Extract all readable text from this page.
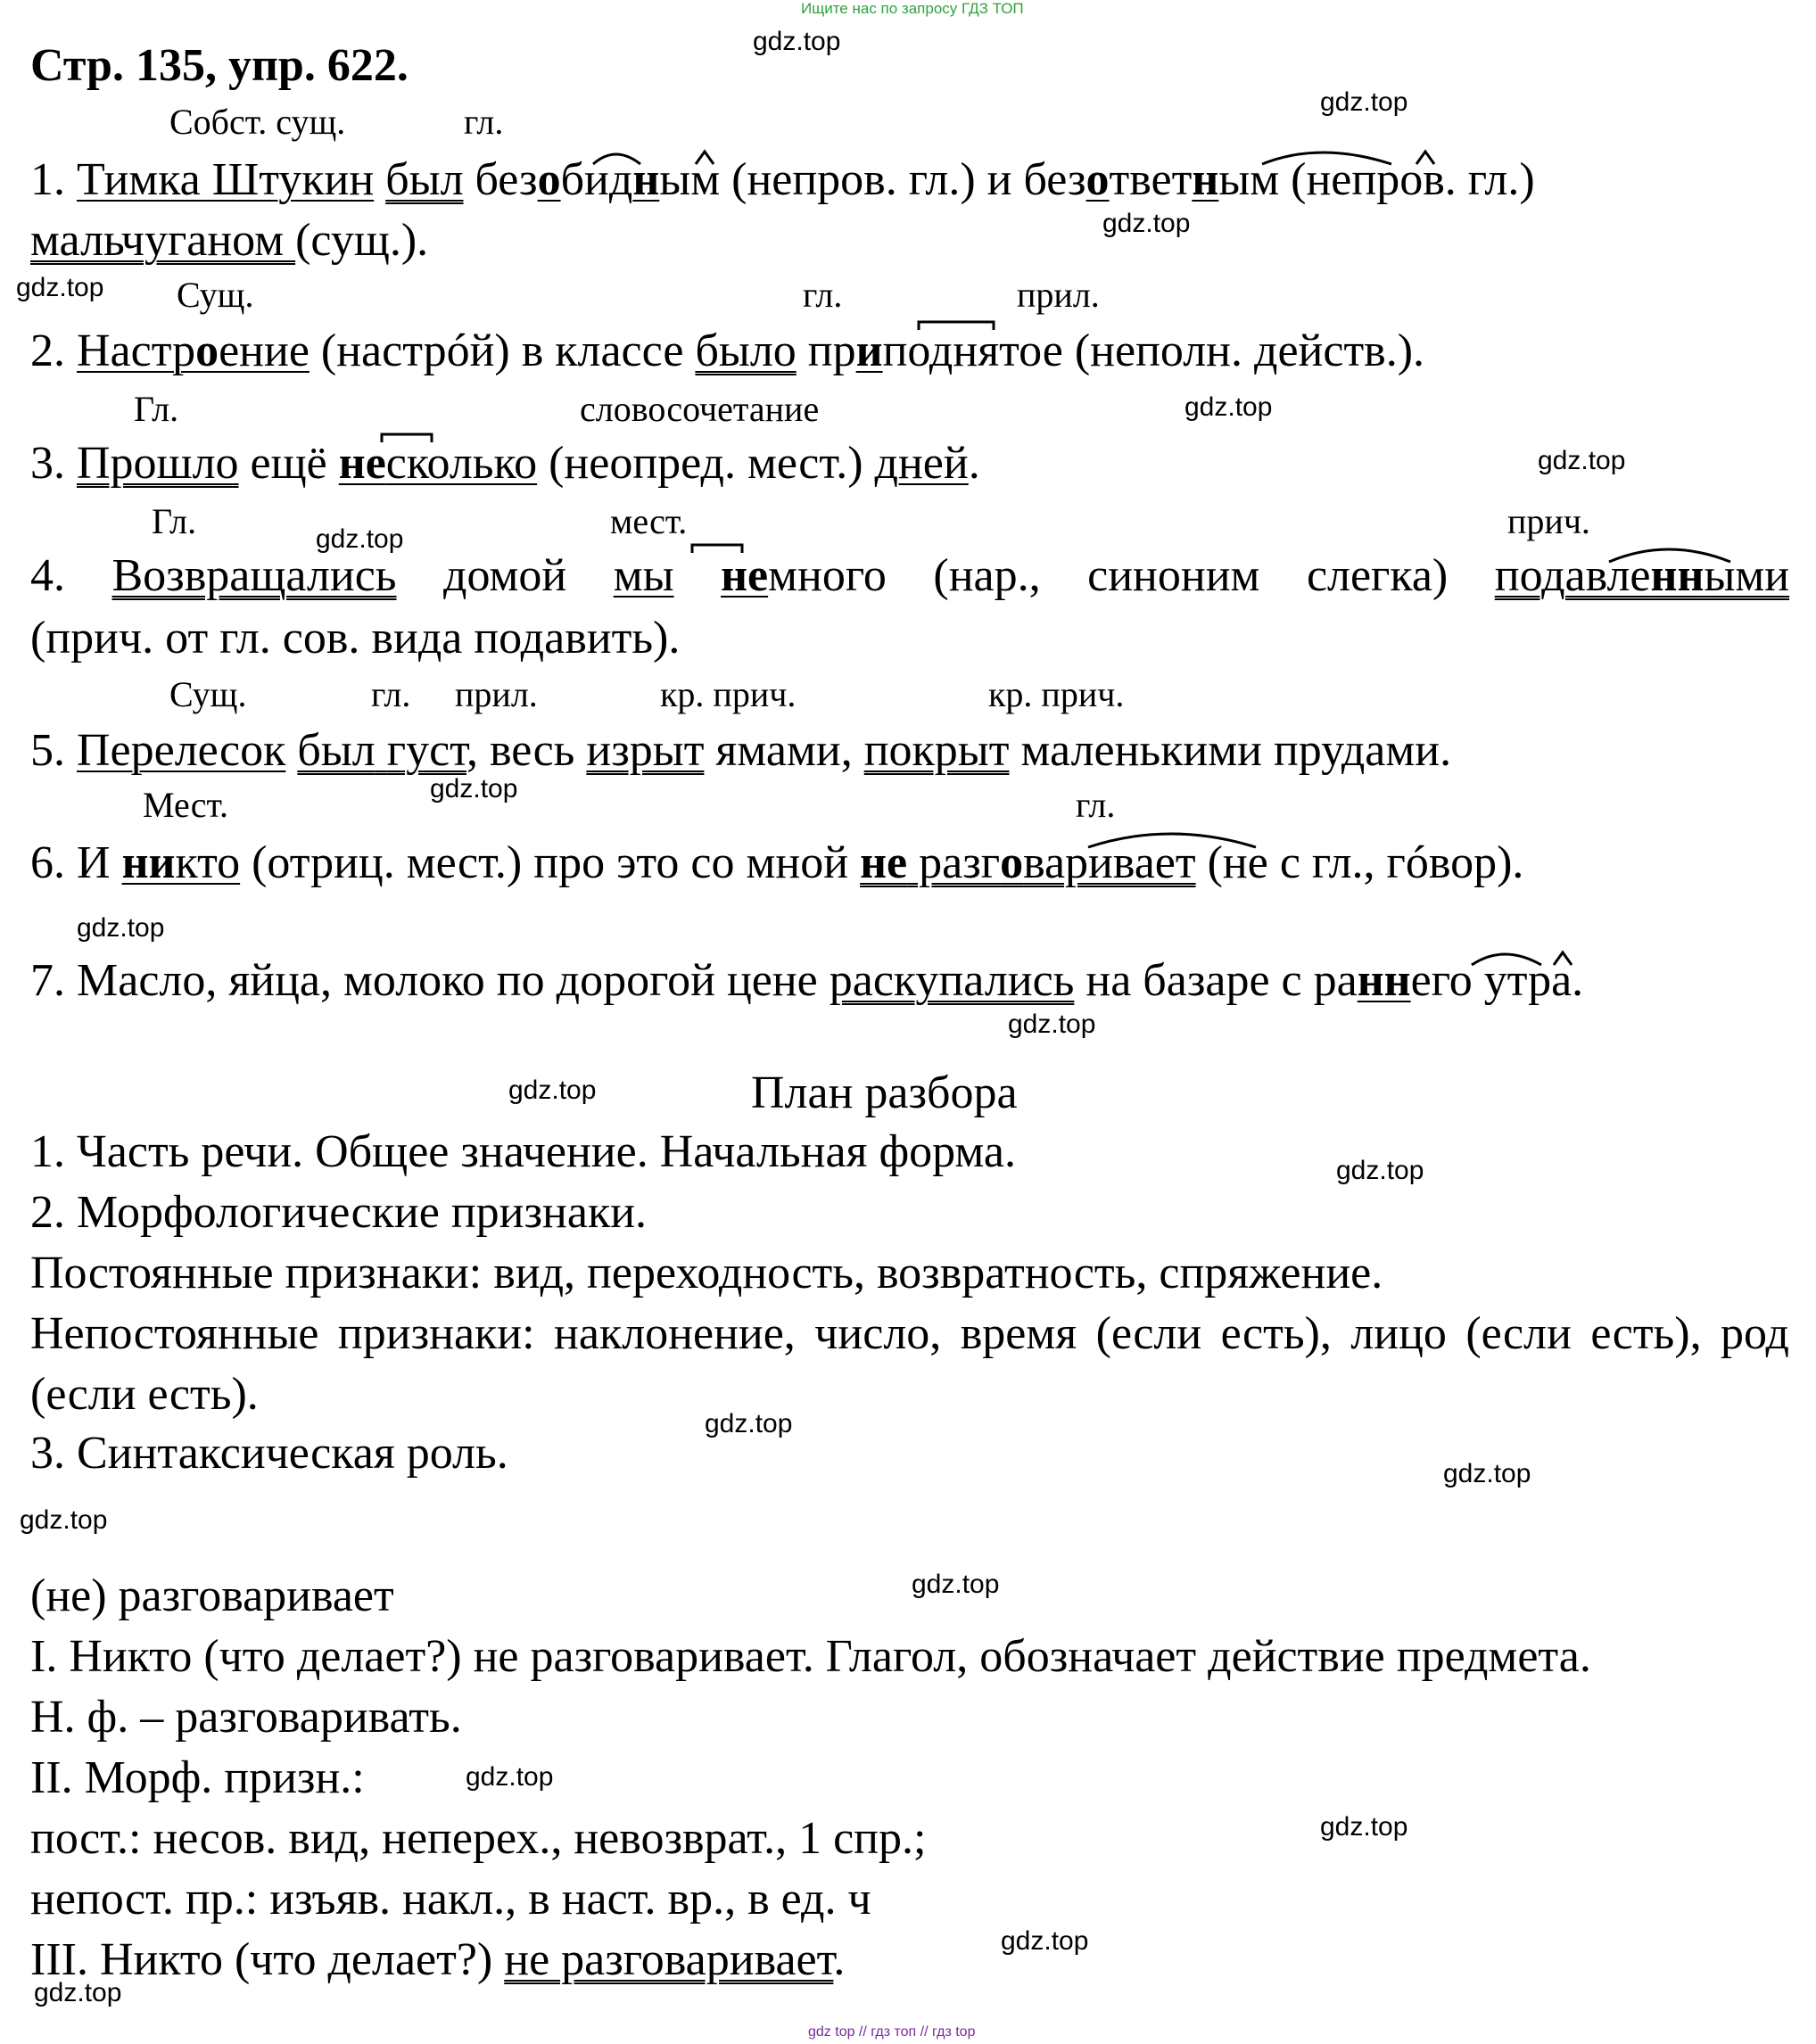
Ищите нас по запросу ГДЗ ТОП
Стр. 135, упр. 622.
Собст. сущ.	гл.
1. Тимка Штукин был безобидным (непров. гл.) и безответным (непров. гл.)
мальчуганом (сущ.).
Сущ.	гл.	прил.
2. Настроение (настрóй) в классе было приподнятое (неполн. действ.).
Гл.	словосочетание
3. Прошло ещё несколько (неопред. мест.) дней.
Гл.	мест.	прич.
4. Возвращались домой мы немного (нар., синоним слегка) подавленными
(прич. от гл. сов. вида подавить).
Сущ.	гл. прил.	кр. прич.	кр. прич.
5. Перелесок был густ, весь изрыт ямами, покрыт маленькими прудами.
Мест.	гл.
6. И никто (отриц. мест.) про это со мной не разговаривает (не с гл., гóвор).
7. Масло, яйца, молоко по дорогой цене раскупались на базаре с раннего утра.
План разбора
1. Часть речи. Общее значение. Начальная форма.
2. Морфологические признаки.
Постоянные признаки: вид, переходность, возвратность, спряжение.
Непостоянные признаки: наклонение, число, время (если есть), лицо (если есть), род (если есть).
3. Синтаксическая роль.
(не) разговаривает
I. Никто (что делает?) не разговаривает. Глагол, обозначает действие предмета.
Н. ф. – разговаривать.
II. Морф. призн.:
пост.: несов. вид, неперех., невозврат., 1 спр.;
непост. пр.: изъяв. накл., в наст. вр., в ед. ч
III. Никто (что делает?) не разговаривает.
gdz.top
gdz.top
gdz.top
gdz.top
gdz.top
gdz.top
gdz.top
gdz.top
gdz.top
gdz.top
gdz.top
gdz.top
gdz.top
gdz.top
gdz.top
gdz.top
gdz.top
gdz.top
gdz.top
gdz.top
gdz top // гдз топ // гдз top
